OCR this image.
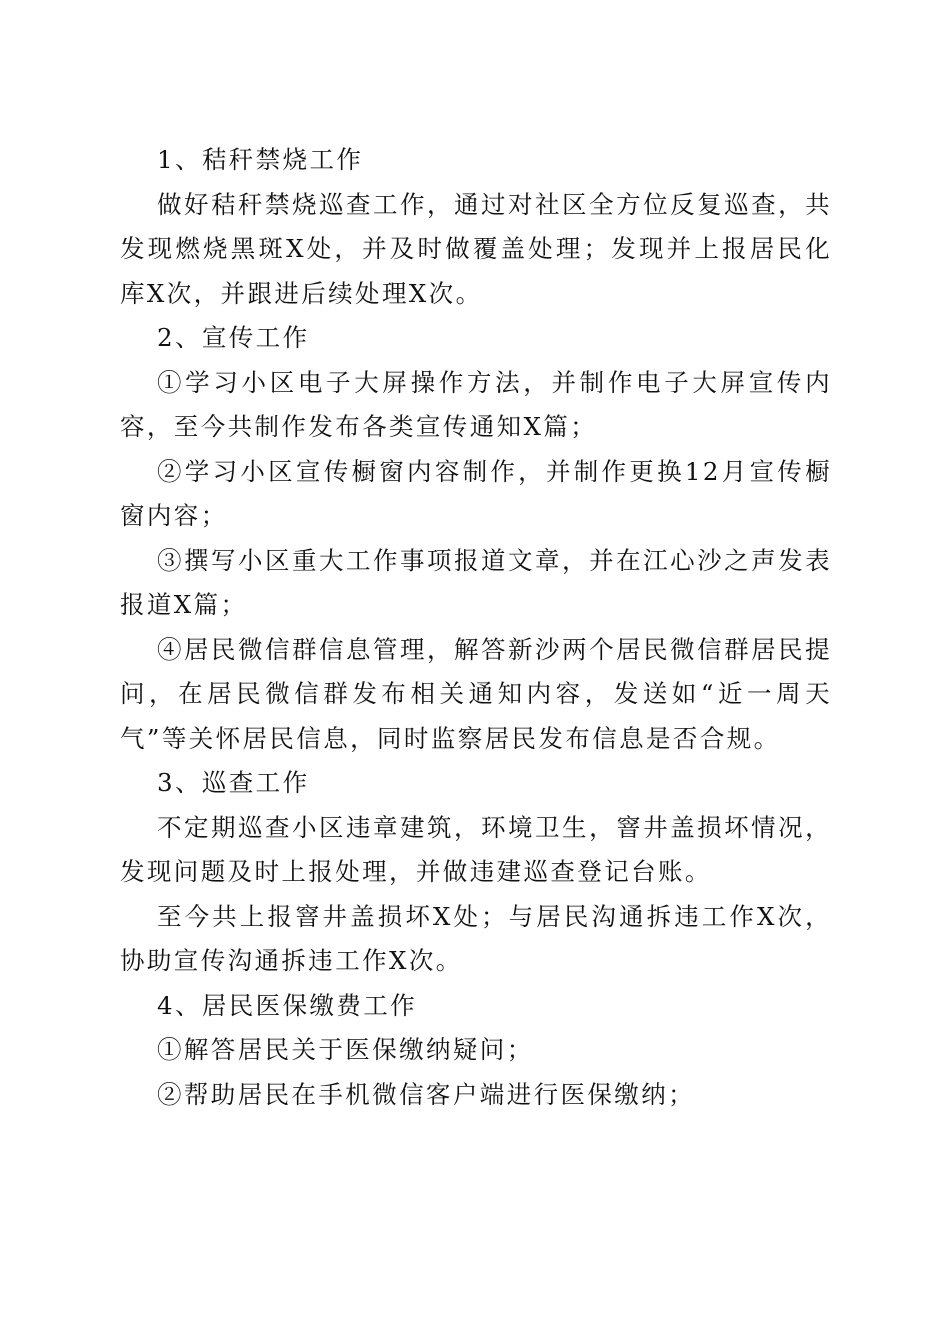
1、秸秆禁烧工作

做好秸秆禁烧巡查工作，通过对社区全方位反复巡查，共发现燃烧黑斑X处，并及时做覆盖处理；发现并上报居民化库X次，并跟进后续处理X次。

2、宣传工作

①学习小区电子大屏操作方法，并制作电子大屏宣传内容，至今共制作发布各类宣传通知X篇；

②学习小区宣传橱窗内容制作，并制作更换12月宣传橱窗内容；

③撰写小区重大工作事项报道文章，并在江心沙之声发表报道X篇；

④居民微信群信息管理，解答新沙两个居民微信群居民提问，在居民微信群发布相关通知内容，发送如“近一周天气”等关怀居民信息，同时监察居民发布信息是否合规。

3、巡查工作

不定期巡查小区违章建筑，环境卫生，窨井盖损坏情况，发现问题及时上报处理，并做违建巡查登记台账。

至今共上报窨井盖损坏X处；与居民沟通拆违工作X次，协助宣传沟通拆违工作X次。

4、居民医保缴费工作

①解答居民关于医保缴纳疑问；

②帮助居民在手机微信客户端进行医保缴纳；
